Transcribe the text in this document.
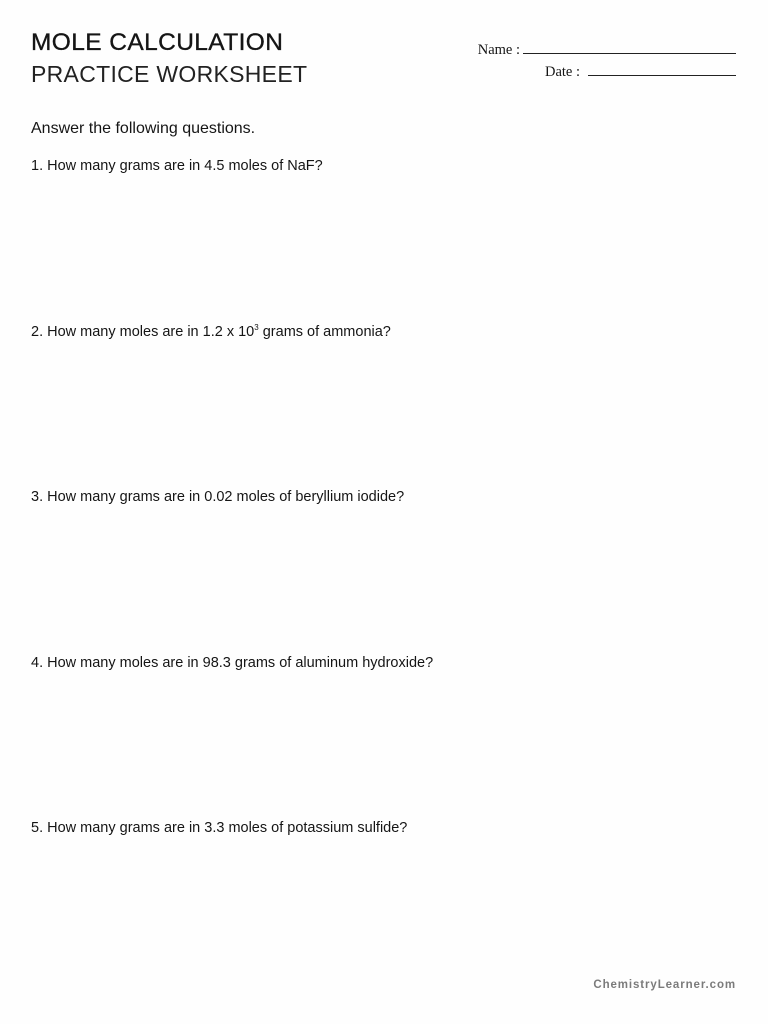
MOLE CALCULATION
PRACTICE WORKSHEET
Name :
Date :
Answer the following questions.
1. How many grams are in 4.5 moles of NaF?
2. How many moles are in 1.2 x $10^3$ grams of ammonia?
3. How many grams are in 0.02 moles of beryllium iodide?
4. How many moles are in 98.3 grams of aluminum hydroxide?
5. How many grams are in 3.3 moles of potassium sulfide?
ChemistryLearner.com
